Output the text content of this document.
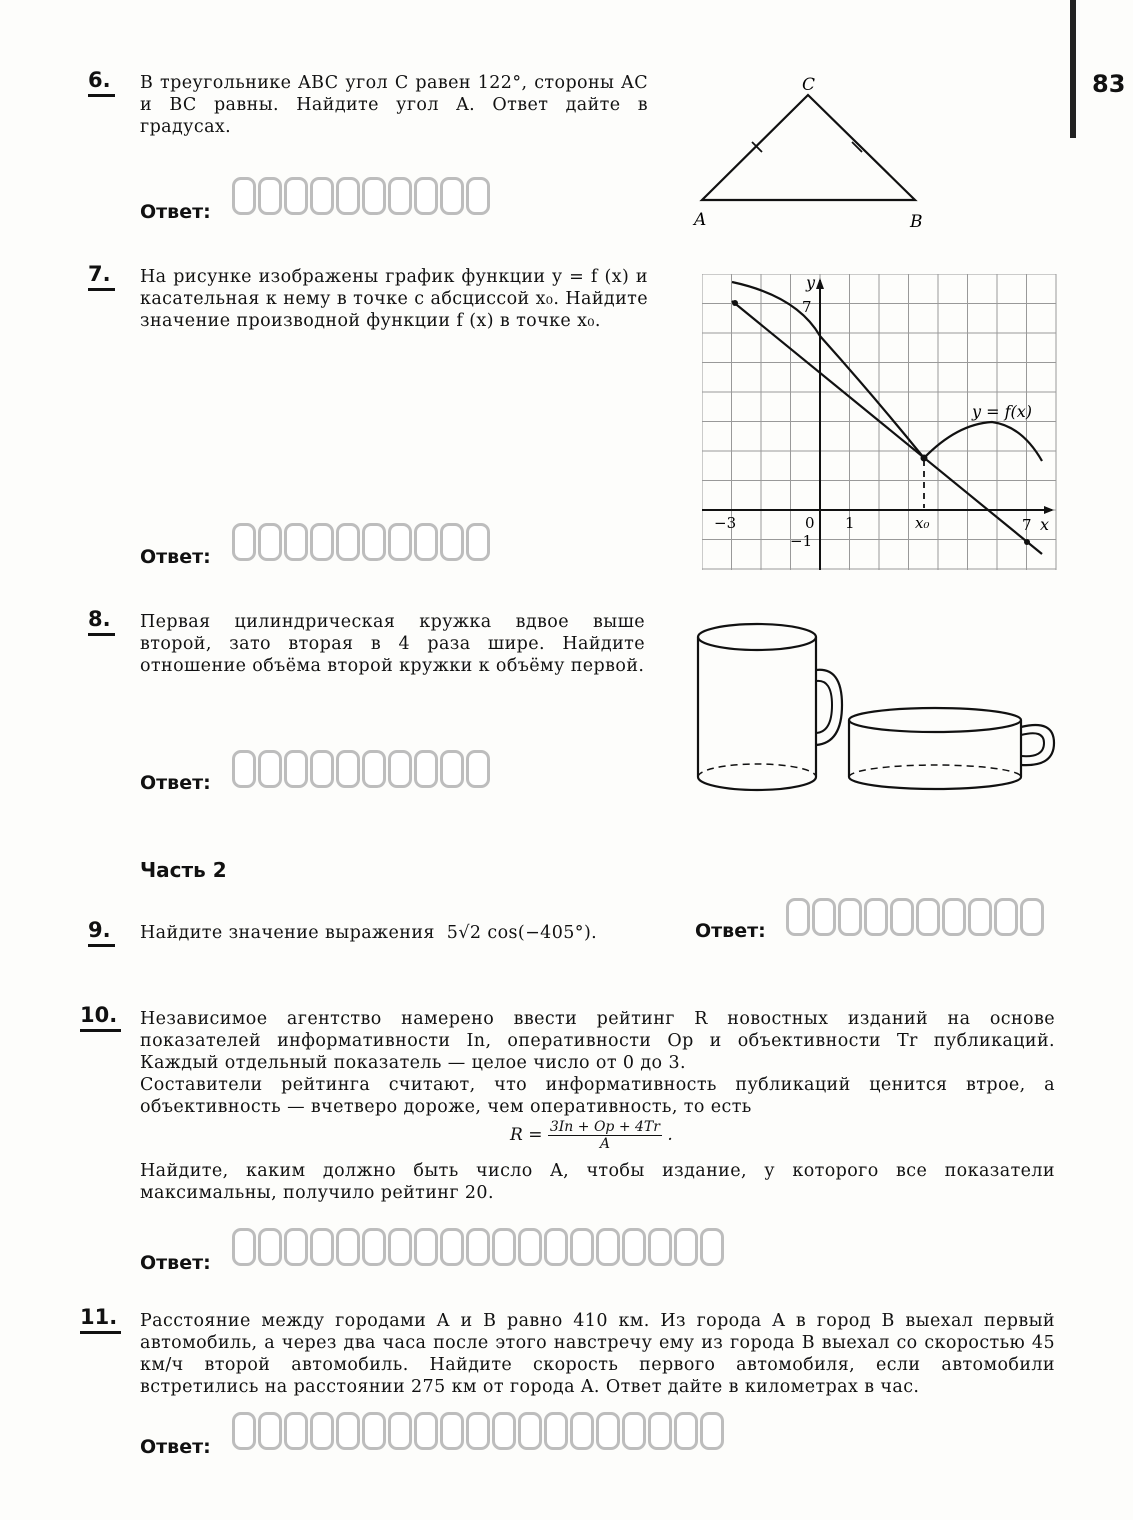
83
6. В треугольнике ABC угол C равен 122°, стороны AC и BC равны. Найдите угол A. Ответ дайте в градусах.
Ответ:
C
A	B
7. На рисунке изображены график функции y = f (x) и касательная к нему в точке с абсциссой x₀. Найдите значение производной функции f (x) в точке x₀.
Ответ:
y
7
y = f(x)
−3	0 1	x₀	7 x
−1
8. Первая цилиндрическая кружка вдвое выше второй, зато вторая в 4 раза шире. Найдите отношение объёма второй кружки к объёму первой.
Ответ:
Часть 2
9. Найдите значение выражения 5√2 cos(−405°).	Ответ:
10. Независимое агентство намерено ввести рейтинг R новостных изданий на основе показателей информативности In, оперативности Op и объективности Tr публикаций. Каждый отдельный показатель — целое число от 0 до 3.
Составители рейтинга считают, что информативность публикаций ценится втрое, а объективность — вчетверо дороже, чем оперативность, то есть
$R = \frac{3In + Op + 4Tr}{A}$ .
Найдите, каким должно быть число A, чтобы издание, у которого все показатели максимальны, получило рейтинг 20.
Ответ:
11. Расстояние между городами A и B равно 410 км. Из города A в город B выехал первый автомобиль, а через два часа после этого навстречу ему из города B выехал со скоростью 45 км/ч второй автомобиль. Найдите скорость первого автомобиля, если автомобили встретились на расстоянии 275 км от города A. Ответ дайте в километрах в час.
Ответ:
